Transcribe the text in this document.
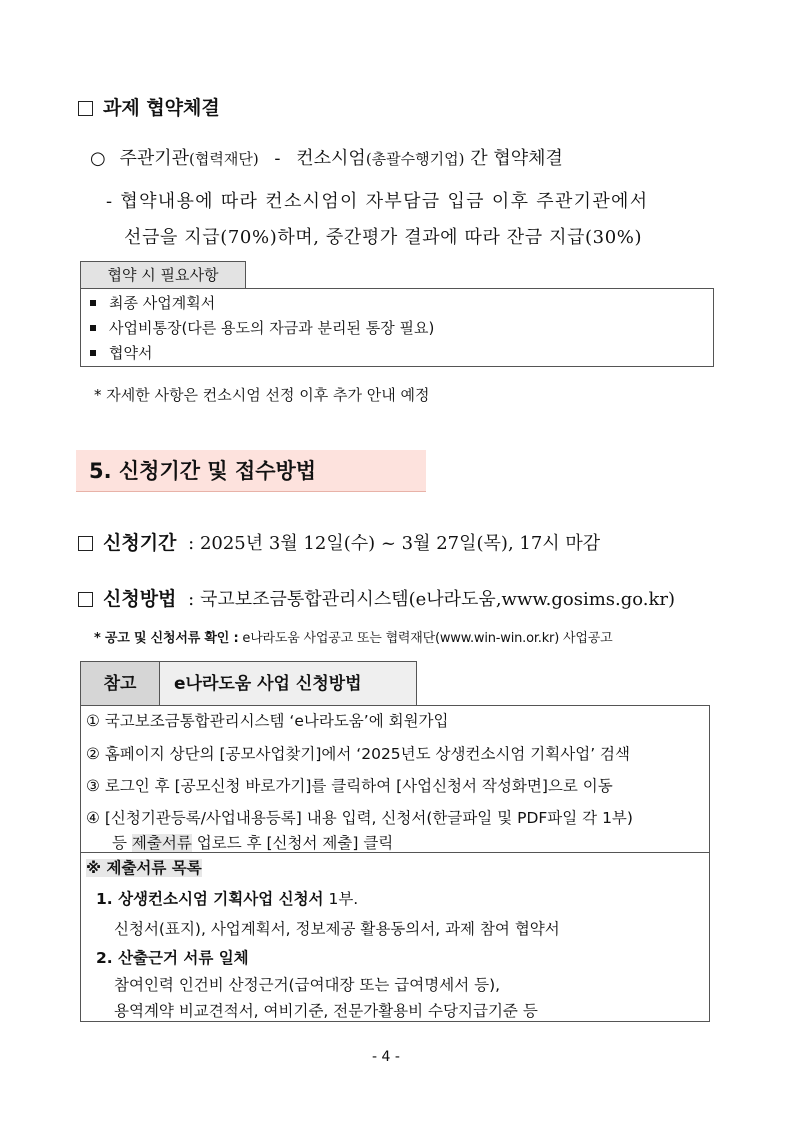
과제 협약체결
○ 주관기관(협력재단) - 컨소시엄(총괄수행기업) 간 협약체결
- 협약내용에 따라 컨소시엄이 자부담금 입금 이후 주관기관에서
선금을 지급(70%)하며, 중간평가 결과에 따라 잔금 지급(30%)
협약 시 필요사항
최종 사업계획서
사업비통장(다른 용도의 자금과 분리된 통장 필요)
협약서
* 자세한 사항은 컨소시엄 선정 이후 추가 안내 예정
5. 신청기간 및 접수방법
신청기간 : 2025년 3월 12일(수) ~ 3월 27일(목), 17시 마감
신청방법 : 국고보조금통합관리시스템(e나라도움,www.gosims.go.kr)
* 공고 및 신청서류 확인 : e나라도움 사업공고 또는 협력재단(www.win-win.or.kr) 사업공고
참고	e나라도움 사업 신청방법
① 국고보조금통합관리시스템 ‘e나라도움’에 회원가입
② 홈페이지 상단의 [공모사업찾기]에서 ‘2025년도 상생컨소시엄 기획사업’ 검색
③ 로그인 후 [공모신청 바로가기]를 클릭하여 [사업신청서 작성화면]으로 이동
④ [신청기관등록/사업내용등록] 내용 입력, 신청서(한글파일 및 PDF파일 각 1부)
등 제출서류 업로드 후 [신청서 제출] 클릭
※ 제출서류 목록
1. 상생컨소시엄 기획사업 신청서 1부.
신청서(표지), 사업계획서, 정보제공 활용동의서, 과제 참여 협약서
2. 산출근거 서류 일체
참여인력 인건비 산정근거(급여대장 또는 급여명세서 등),
용역계약 비교견적서, 여비기준, 전문가활용비 수당지급기준 등
- 4 -
